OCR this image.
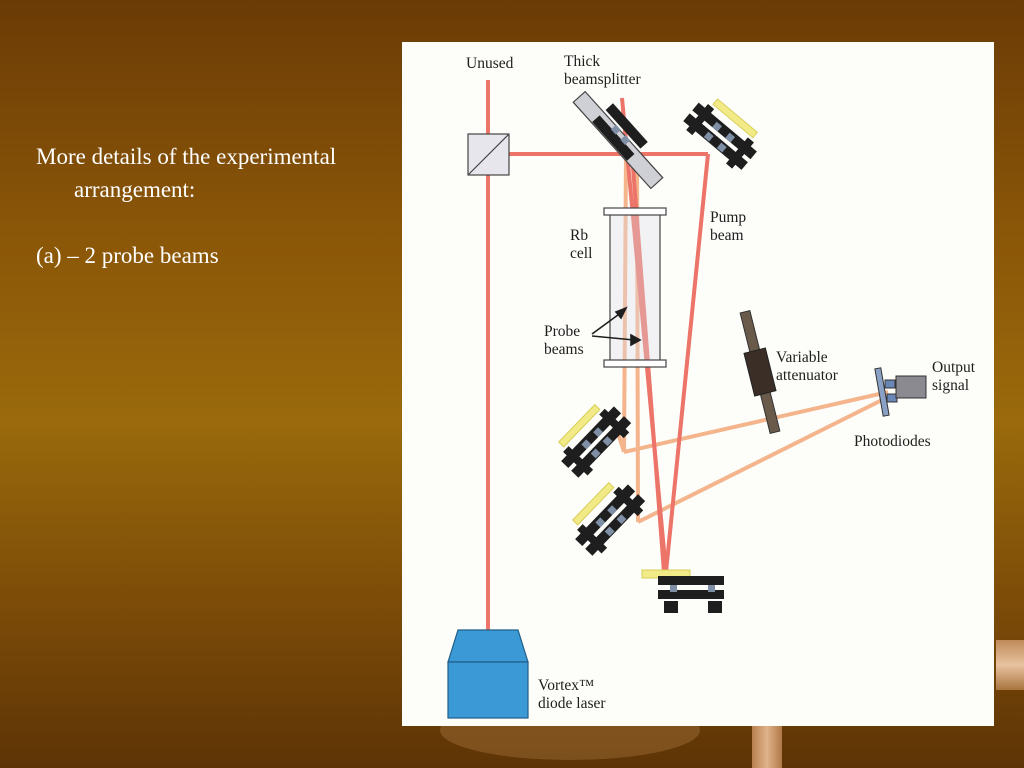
More details of the experimental arrangement:

(a) – 2 probe beams

Unused	Thick
beamsplitter
Rb
cell
Pump
beam
Probe
beams	Variable
attenuator	Output
signal
Photodiodes
Vortex™
diode laser
